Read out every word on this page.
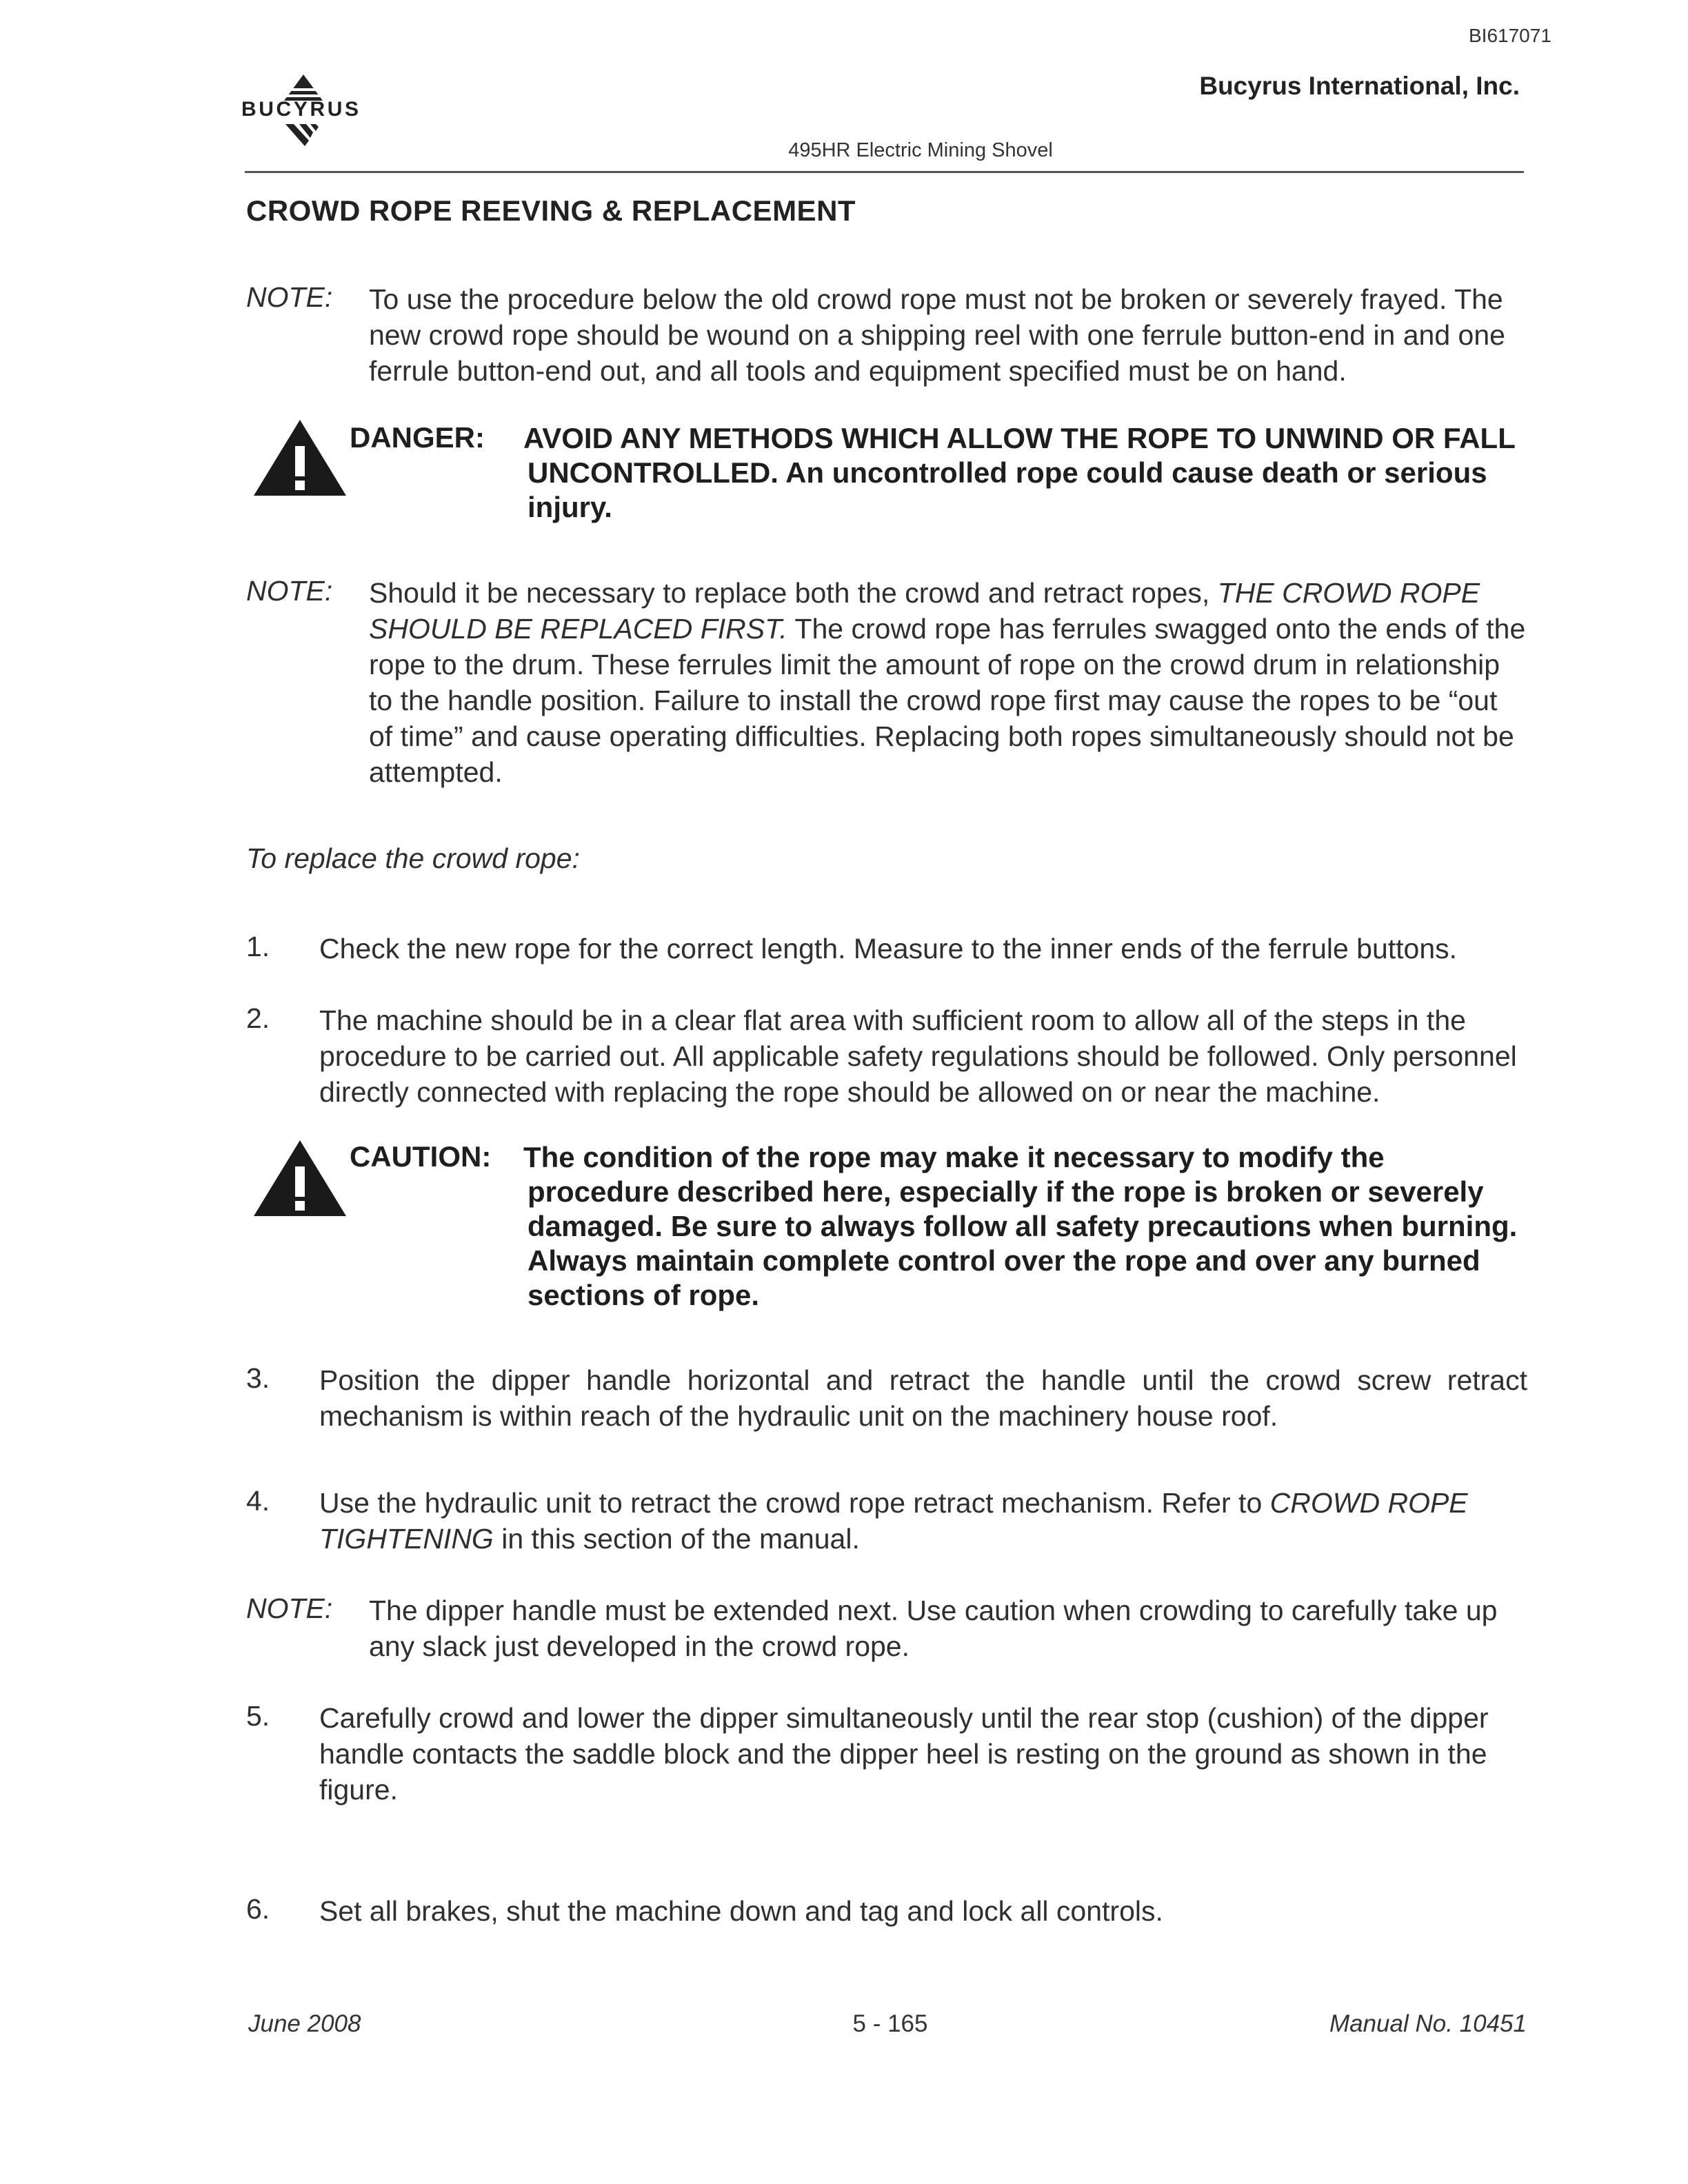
BI617071
BUCYRUS
Bucyrus International, Inc.
495HR Electric Mining Shovel
CROWD ROPE REEVING & REPLACEMENT
NOTE: To use the procedure below the old crowd rope must not be broken or severely frayed. The new crowd rope should be wound on a shipping reel with one ferrule button-end in and one ferrule button-end out, and all tools and equipment specified must be on hand.
DANGER: AVOID ANY METHODS WHICH ALLOW THE ROPE TO UNWIND OR FALL UNCONTROLLED. An uncontrolled rope could cause death or serious injury.
NOTE: Should it be necessary to replace both the crowd and retract ropes, THE CROWD ROPE SHOULD BE REPLACED FIRST. The crowd rope has ferrules swagged onto the ends of the rope to the drum. These ferrules limit the amount of rope on the crowd drum in relationship to the handle position. Failure to install the crowd rope first may cause the ropes to be “out of time” and cause operating difficulties. Replacing both ropes simultaneously should not be attempted.
To replace the crowd rope:
1. Check the new rope for the correct length. Measure to the inner ends of the ferrule buttons.
2. The machine should be in a clear flat area with sufficient room to allow all of the steps in the procedure to be carried out. All applicable safety regulations should be followed. Only personnel directly connected with replacing the rope should be allowed on or near the machine.
CAUTION: The condition of the rope may make it necessary to modify the procedure described here, especially if the rope is broken or severely damaged. Be sure to always follow all safety precautions when burning. Always maintain complete control over the rope and over any burned sections of rope.
3. Position the dipper handle horizontal and retract the handle until the crowd screw retract mechanism is within reach of the hydraulic unit on the machinery house roof.
4. Use the hydraulic unit to retract the crowd rope retract mechanism. Refer to CROWD ROPE TIGHTENING in this section of the manual.
NOTE: The dipper handle must be extended next. Use caution when crowding to carefully take up any slack just developed in the crowd rope.
5. Carefully crowd and lower the dipper simultaneously until the rear stop (cushion) of the dipper handle contacts the saddle block and the dipper heel is resting on the ground as shown in the figure.
6. Set all brakes, shut the machine down and tag and lock all controls.
June 2008	5 - 165	Manual No. 10451
